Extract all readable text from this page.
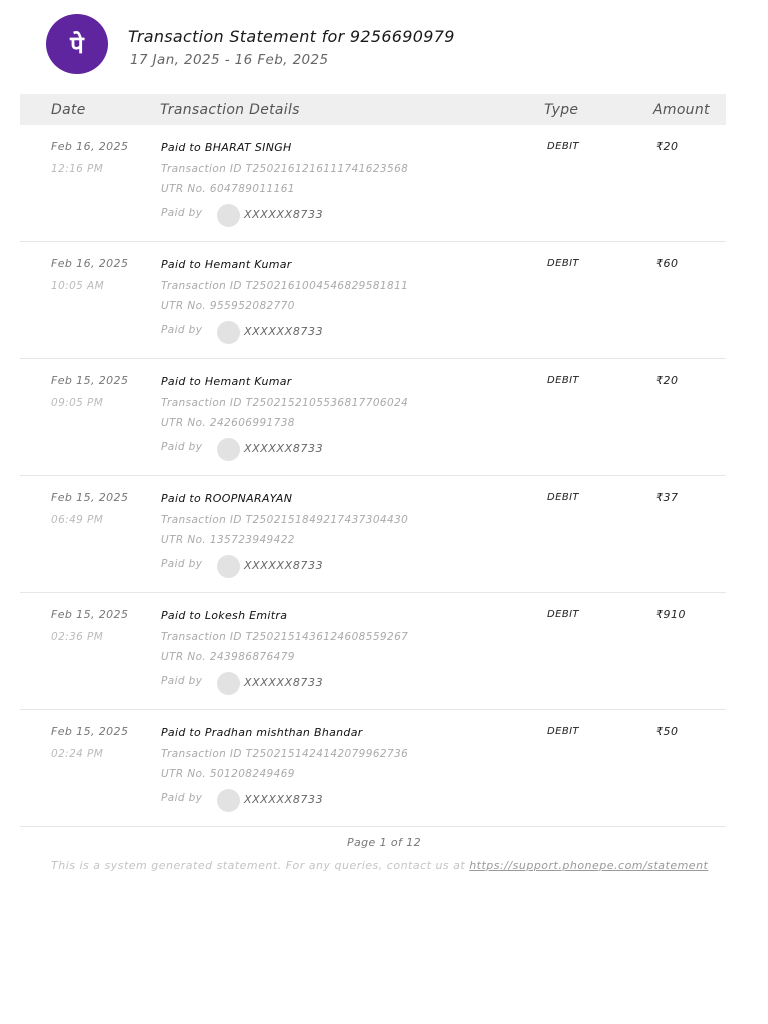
पे	Transaction Statement for 9256690979
17 Jan, 2025 - 16 Feb, 2025
Date	Transaction Details	Type	Amount
Feb 16, 2025
12:16 PM
Paid to BHARAT SINGH
Transaction ID T2502161216111741623568
UTR No. 604789011161
Paid by	XXXXXX8733
DEBIT	₹20
Feb 16, 2025
10:05 AM
Paid to Hemant Kumar
Transaction ID T2502161004546829581811
UTR No. 955952082770
Paid by	XXXXXX8733
DEBIT	₹60
Feb 15, 2025
09:05 PM
Paid to Hemant Kumar
Transaction ID T2502152105536817706024
UTR No. 242606991738
Paid by	XXXXXX8733
DEBIT	₹20
Feb 15, 2025
06:49 PM
Paid to ROOPNARAYAN
Transaction ID T2502151849217437304430
UTR No. 135723949422
Paid by	XXXXXX8733
DEBIT	₹37
Feb 15, 2025
02:36 PM
Paid to Lokesh Emitra
Transaction ID T2502151436124608559267
UTR No. 243986876479
Paid by	XXXXXX8733
DEBIT	₹910
Feb 15, 2025
02:24 PM
Paid to Pradhan mishthan Bhandar
Transaction ID T2502151424142079962736
UTR No. 501208249469
Paid by	XXXXXX8733
DEBIT	₹50
Page 1 of 12
This is a system generated statement. For any queries, contact us at https://support.phonepe.com/statement
